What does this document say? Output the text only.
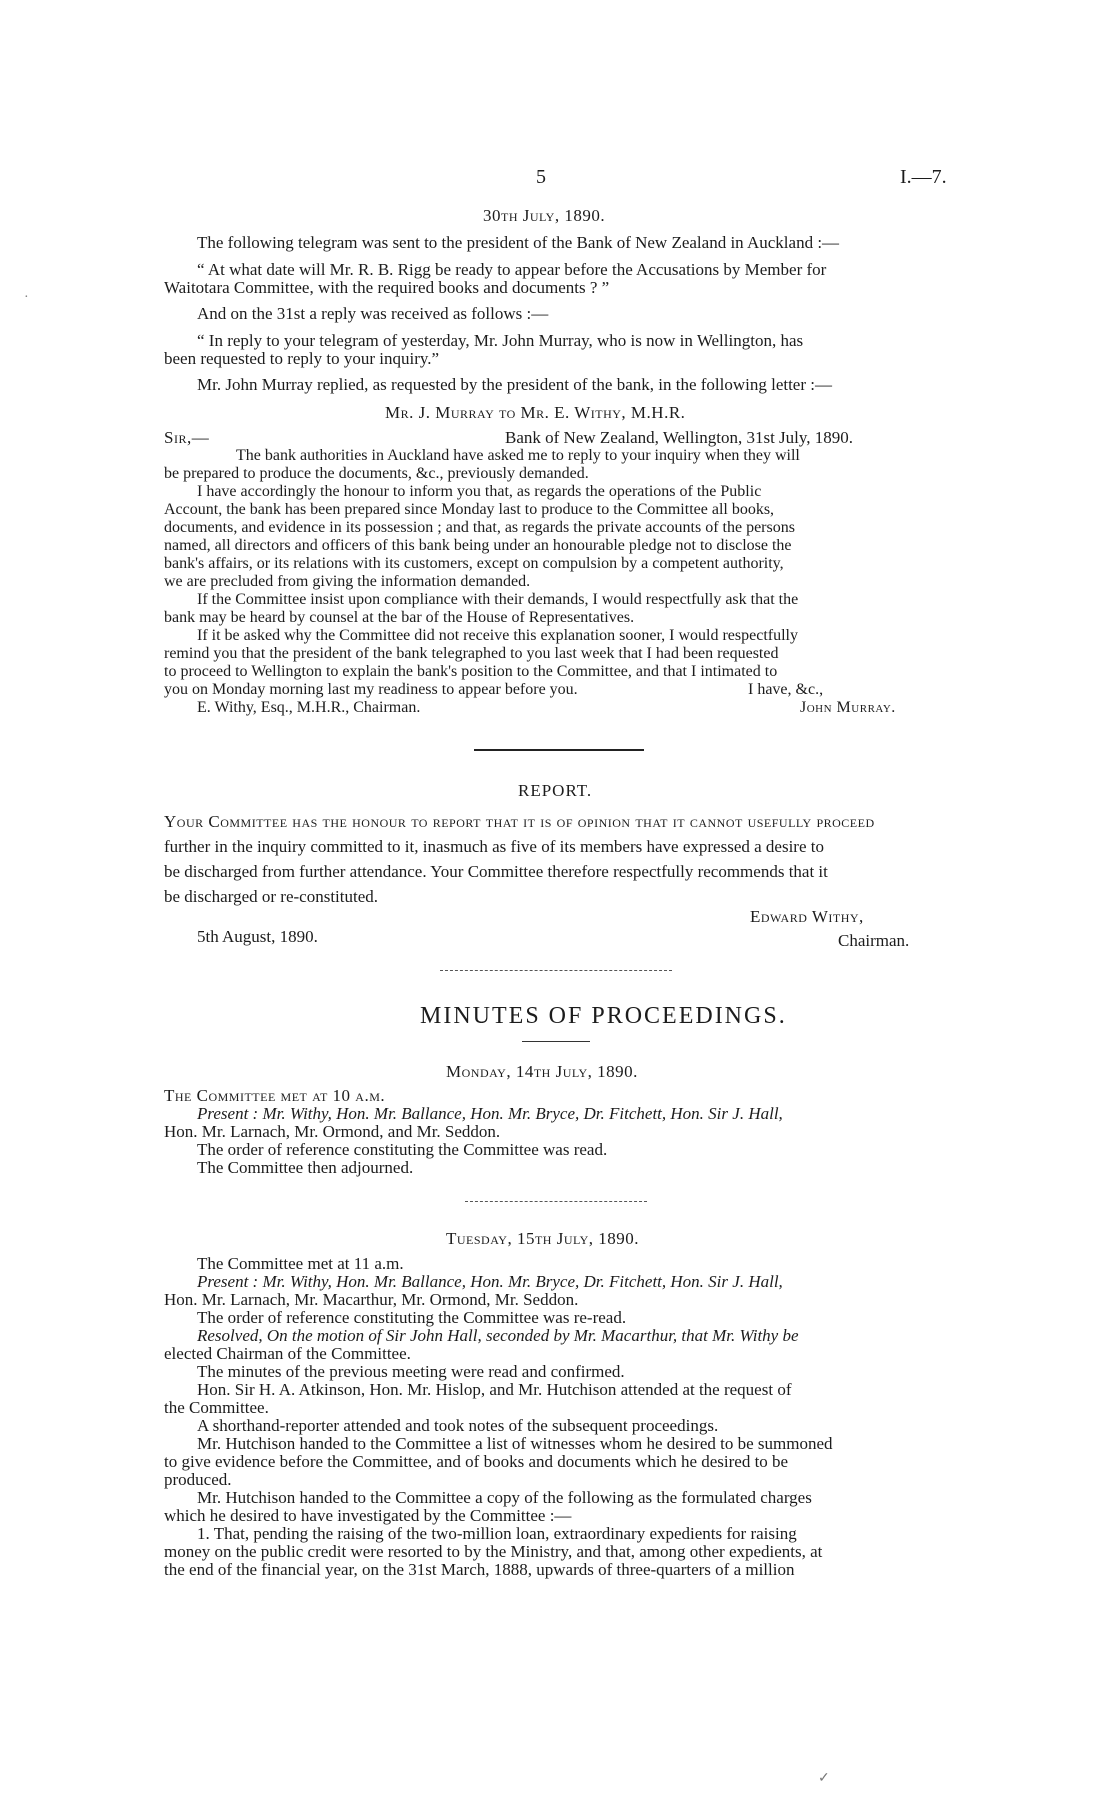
5	I.—7.
30th July, 1890.
The following telegram was sent to the president of the Bank of New Zealand in Auckland :—
“ At what date will Mr. R. B. Rigg be ready to appear before the Accusations by Member for
Waitotara Committee, with the required books and documents ? ”
And on the 31st a reply was received as follows :—
“ In reply to your telegram of yesterday, Mr. John Murray, who is now in Wellington, has
been requested to reply to your inquiry.”
Mr. John Murray replied, as requested by the president of the bank, in the following letter :—
Mr. J. Murray to Mr. E. Withy, M.H.R.
Sir,—	Bank of New Zealand, Wellington, 31st July, 1890.
The bank authorities in Auckland have asked me to reply to your inquiry when they will
be prepared to produce the documents, &c., previously demanded.
I have accordingly the honour to inform you that, as regards the operations of the Public
Account, the bank has been prepared since Monday last to produce to the Committee all books,
documents, and evidence in its possession ; and that, as regards the private accounts of the persons
named, all directors and officers of this bank being under an honourable pledge not to disclose the
bank's affairs, or its relations with its customers, except on compulsion by a competent authority,
we are precluded from giving the information demanded.
If the Committee insist upon compliance with their demands, I would respectfully ask that the
bank may be heard by counsel at the bar of the House of Representatives.
If it be asked why the Committee did not receive this explanation sooner, I would respectfully
remind you that the president of the bank telegraphed to you last week that I had been requested
to proceed to Wellington to explain the bank's position to the Committee, and that I intimated to
you on Monday morning last my readiness to appear before you.	I have, &c.,
E. Withy, Esq., M.H.R., Chairman.	John Murray.
REPORT.
Your Committee has the honour to report that it is of opinion that it cannot usefully proceed
further in the inquiry committed to it, inasmuch as five of its members have expressed a desire to
be discharged from further attendance. Your Committee therefore respectfully recommends that it
be discharged or re-constituted.
Edward Withy,
Chairman.
5th August, 1890.
MINUTES OF PROCEEDINGS.
Monday, 14th July, 1890.
The Committee met at 10 a.m.
Present : Mr. Withy, Hon. Mr. Ballance, Hon. Mr. Bryce, Dr. Fitchett, Hon. Sir J. Hall,
Hon. Mr. Larnach, Mr. Ormond, and Mr. Seddon.
The order of reference constituting the Committee was read.
The Committee then adjourned.
Tuesday, 15th July, 1890.
The Committee met at 11 a.m.
Present : Mr. Withy, Hon. Mr. Ballance, Hon. Mr. Bryce, Dr. Fitchett, Hon. Sir J. Hall,
Hon. Mr. Larnach, Mr. Macarthur, Mr. Ormond, Mr. Seddon.
The order of reference constituting the Committee was re-read.
Resolved, On the motion of Sir John Hall, seconded by Mr. Macarthur, that Mr. Withy be
elected Chairman of the Committee.
The minutes of the previous meeting were read and confirmed.
Hon. Sir H. A. Atkinson, Hon. Mr. Hislop, and Mr. Hutchison attended at the request of
the Committee.
A shorthand-reporter attended and took notes of the subsequent proceedings.
Mr. Hutchison handed to the Committee a list of witnesses whom he desired to be summoned
to give evidence before the Committee, and of books and documents which he desired to be
produced.
Mr. Hutchison handed to the Committee a copy of the following as the formulated charges
which he desired to have investigated by the Committee :—
1. That, pending the raising of the two-million loan, extraordinary expedients for raising
money on the public credit were resorted to by the Ministry, and that, among other expedients, at
the end of the financial year, on the 31st March, 1888, upwards of three-quarters of a million
·
✓
